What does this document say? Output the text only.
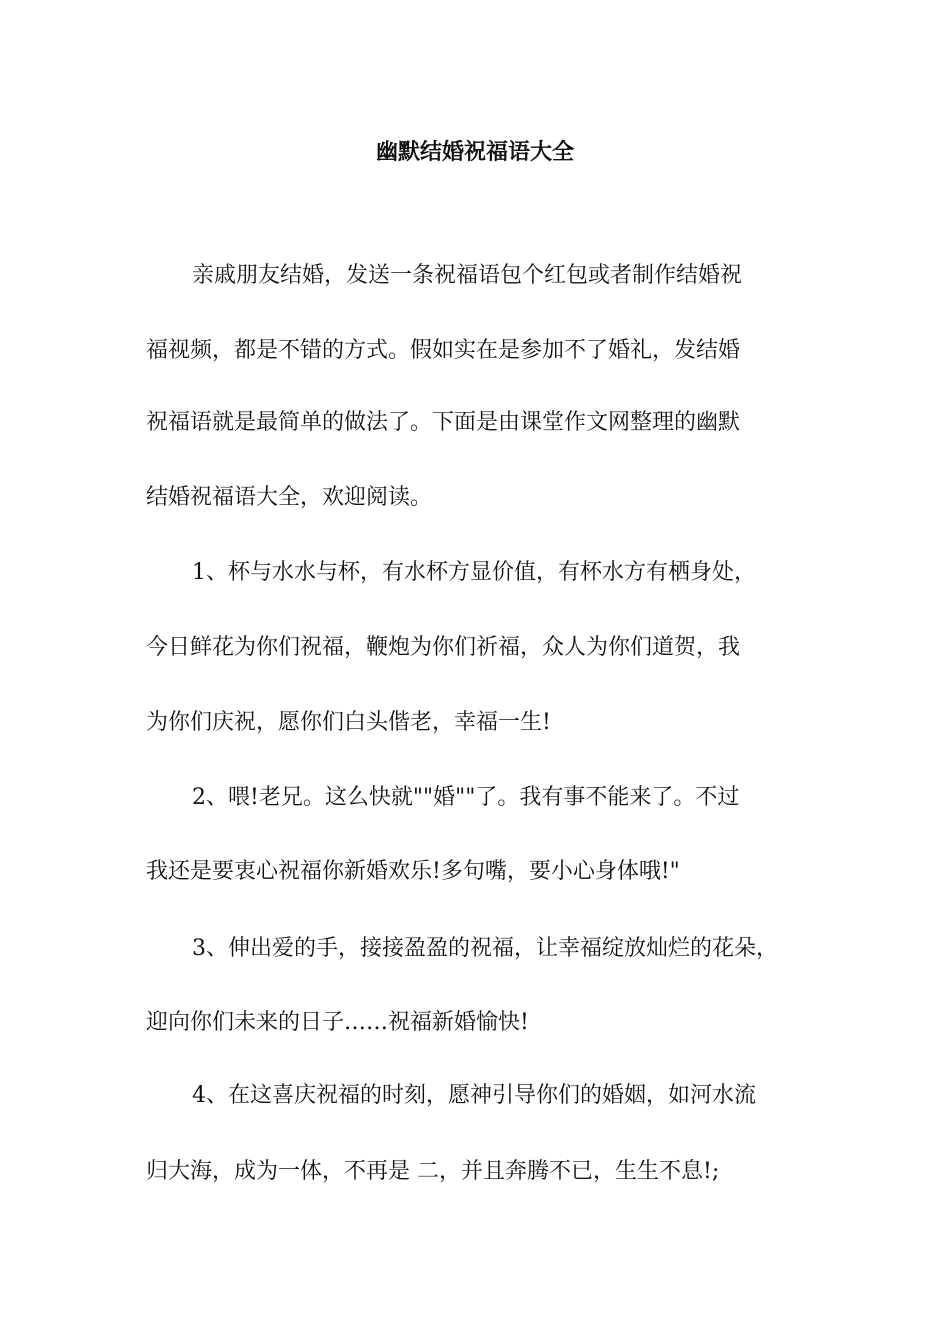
幽默结婚祝福语大全
亲戚朋友结婚，发送一条祝福语包个红包或者制作结婚祝
福视频，都是不错的方式。假如实在是参加不了婚礼，发结婚
祝福语就是最简单的做法了。下面是由课堂作文网整理的幽默
结婚祝福语大全，欢迎阅读。
1、杯与水水与杯，有水杯方显价值，有杯水方有栖身处，
今日鲜花为你们祝福，鞭炮为你们祈福，众人为你们道贺，我
为你们庆祝，愿你们白头偕老，幸福一生!
2、喂!老兄。这么快就""婚""了。我有事不能来了。不过
我还是要衷心祝福你新婚欢乐!多句嘴，要小心身体哦!"
3、伸出爱的手，接接盈盈的祝福，让幸福绽放灿烂的花朵，
迎向你们未来的日子……祝福新婚愉快!
4、在这喜庆祝福的时刻，愿神引导你们的婚姻，如河水流
归大海，成为一体，不再是 二，并且奔腾不已，生生不息!;
